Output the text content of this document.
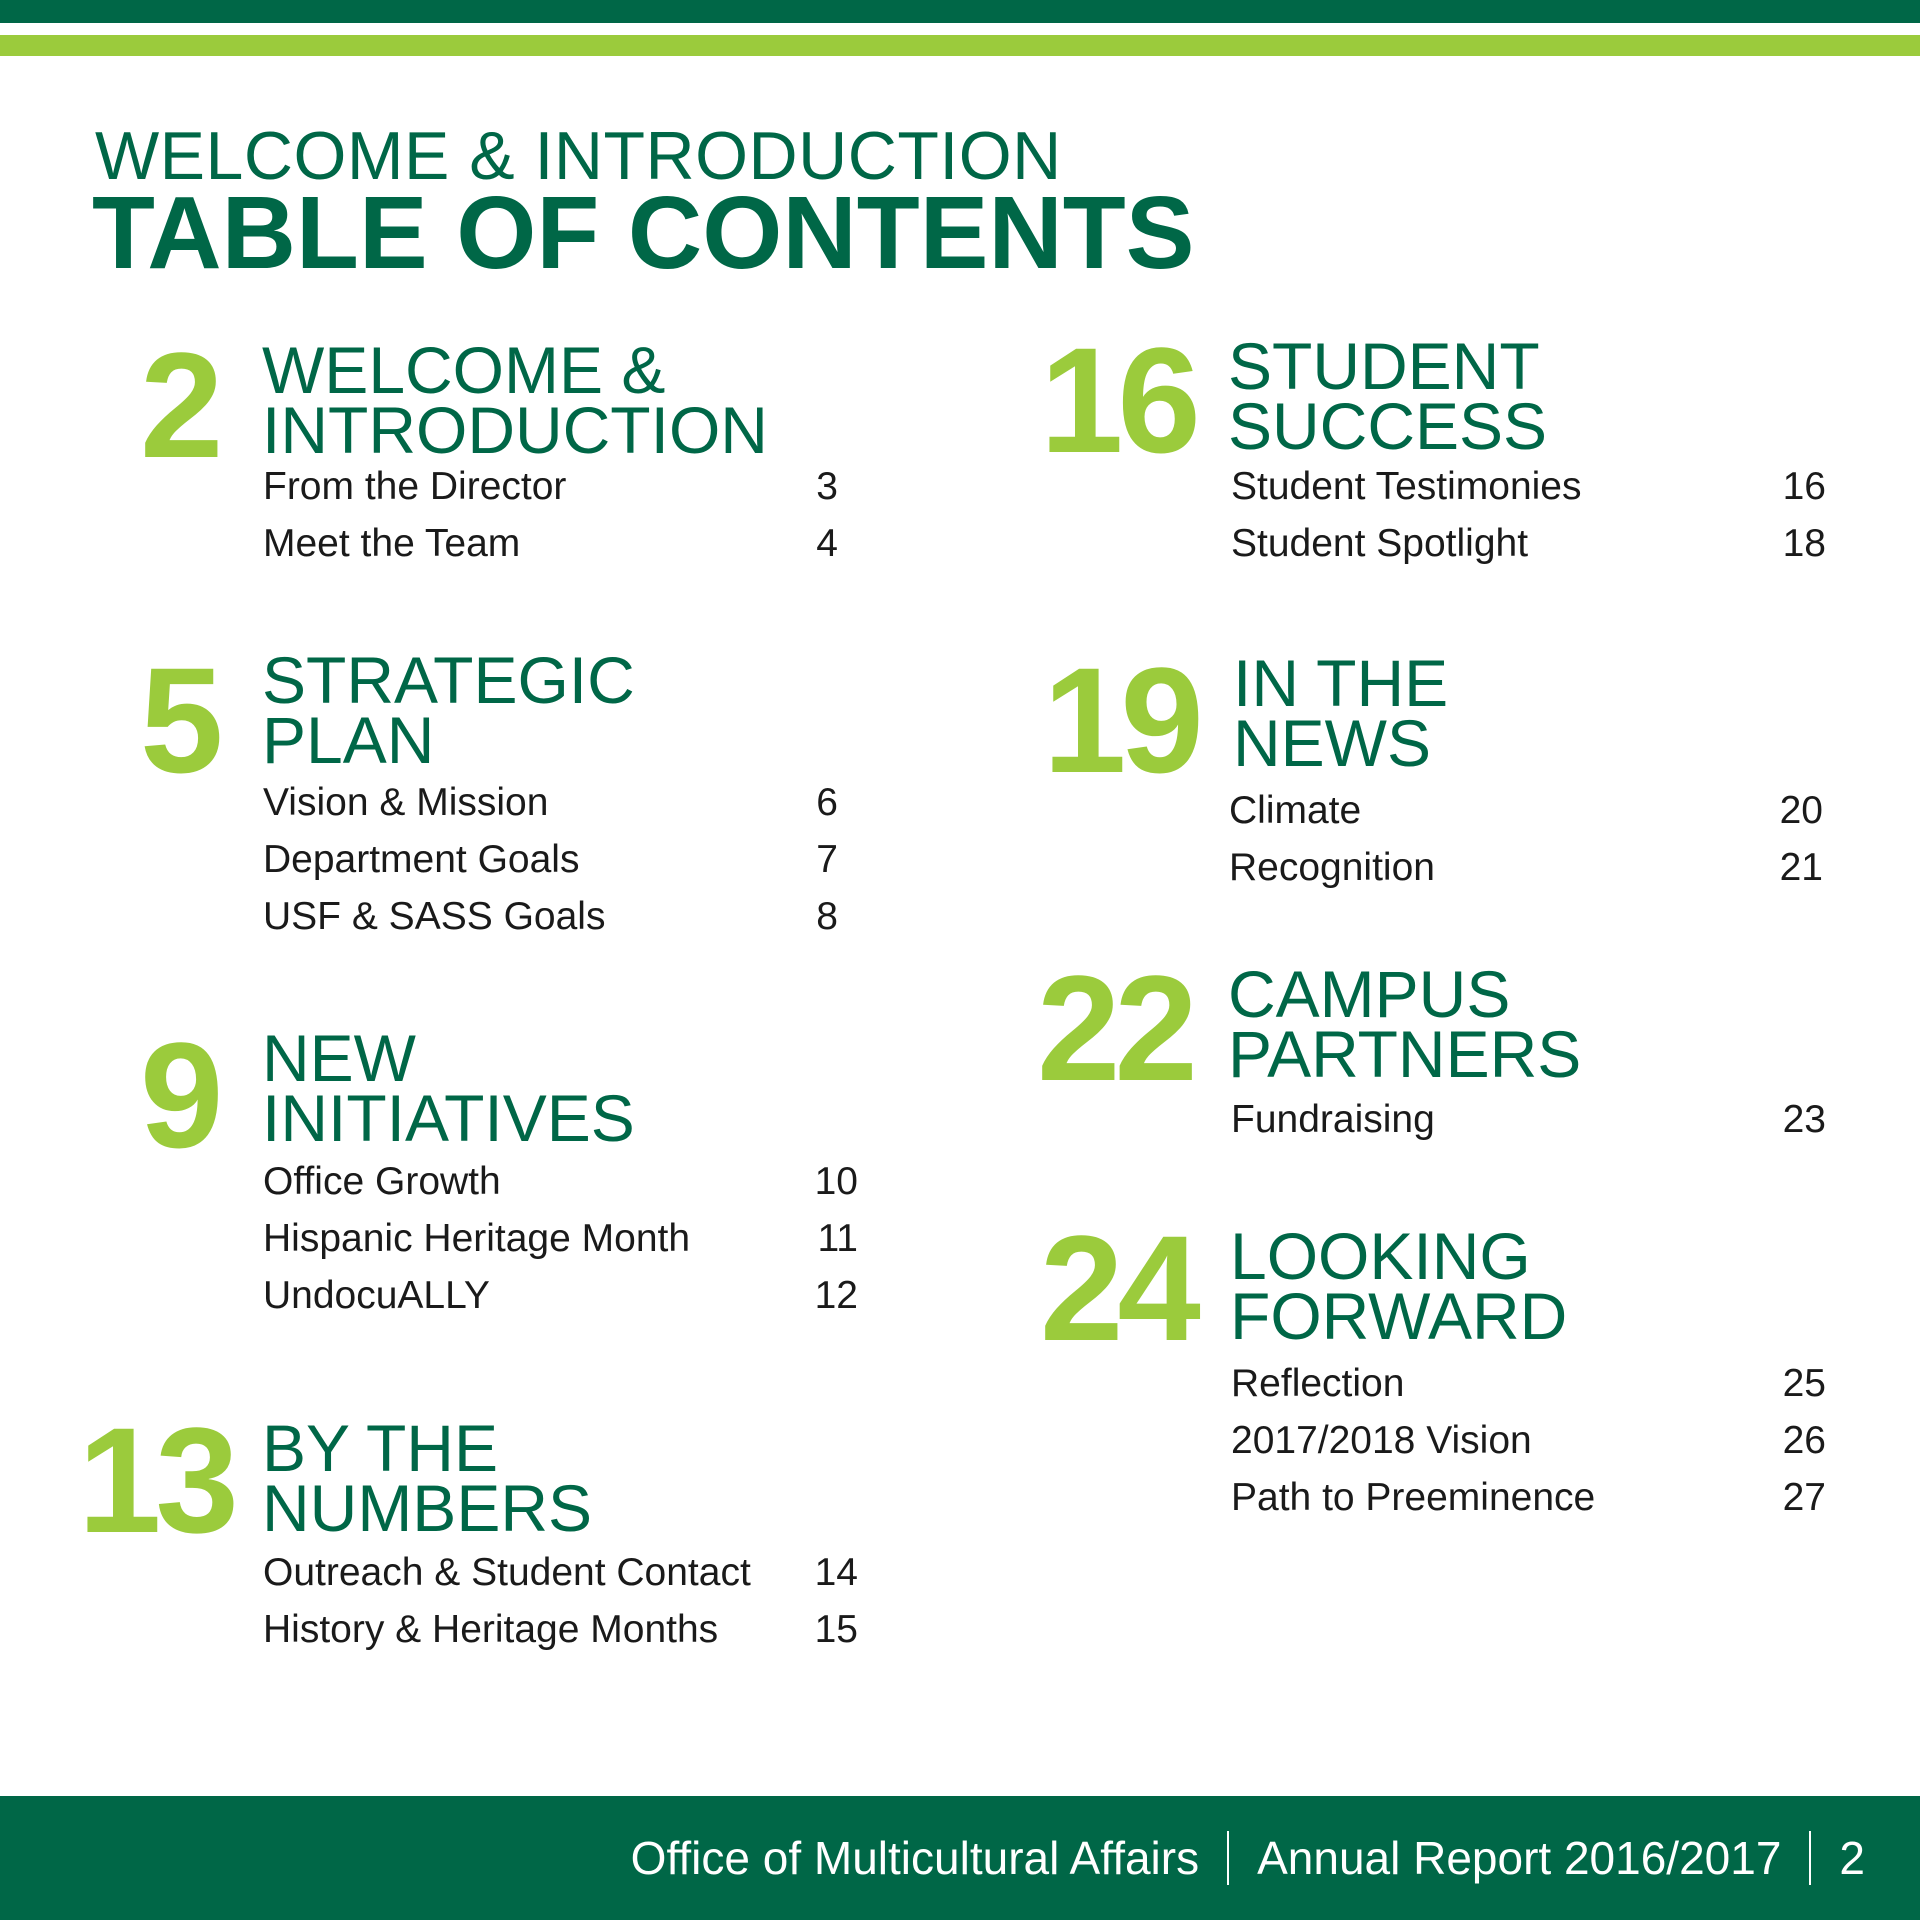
WELCOME & INTRODUCTION
TABLE OF CONTENTS
2 WELCOME &
INTRODUCTION
From the Director	3
Meet the Team	4
5 STRATEGIC
PLAN
Vision & Mission	6
Department Goals	7
USF & SASS Goals	8
9 NEW
INITIATIVES
Office Growth	10
Hispanic Heritage Month	11
UndocuALLY	12
13 BY THE
NUMBERS
Outreach & Student Contact 14
History & Heritage Months 15
16 STUDENT
SUCCESS
Student Testimonies	16
Student Spotlight	18
19 IN THE
NEWS
Climate	20
Recognition	21
22 CAMPUS
PARTNERS
Fundraising	23
24 LOOKING
FORWARD
Reflection	25
2017/2018 Vision	26
Path to Preeminence	27
Office of Multicultural Affairs Annual Report 2016/2017 2
